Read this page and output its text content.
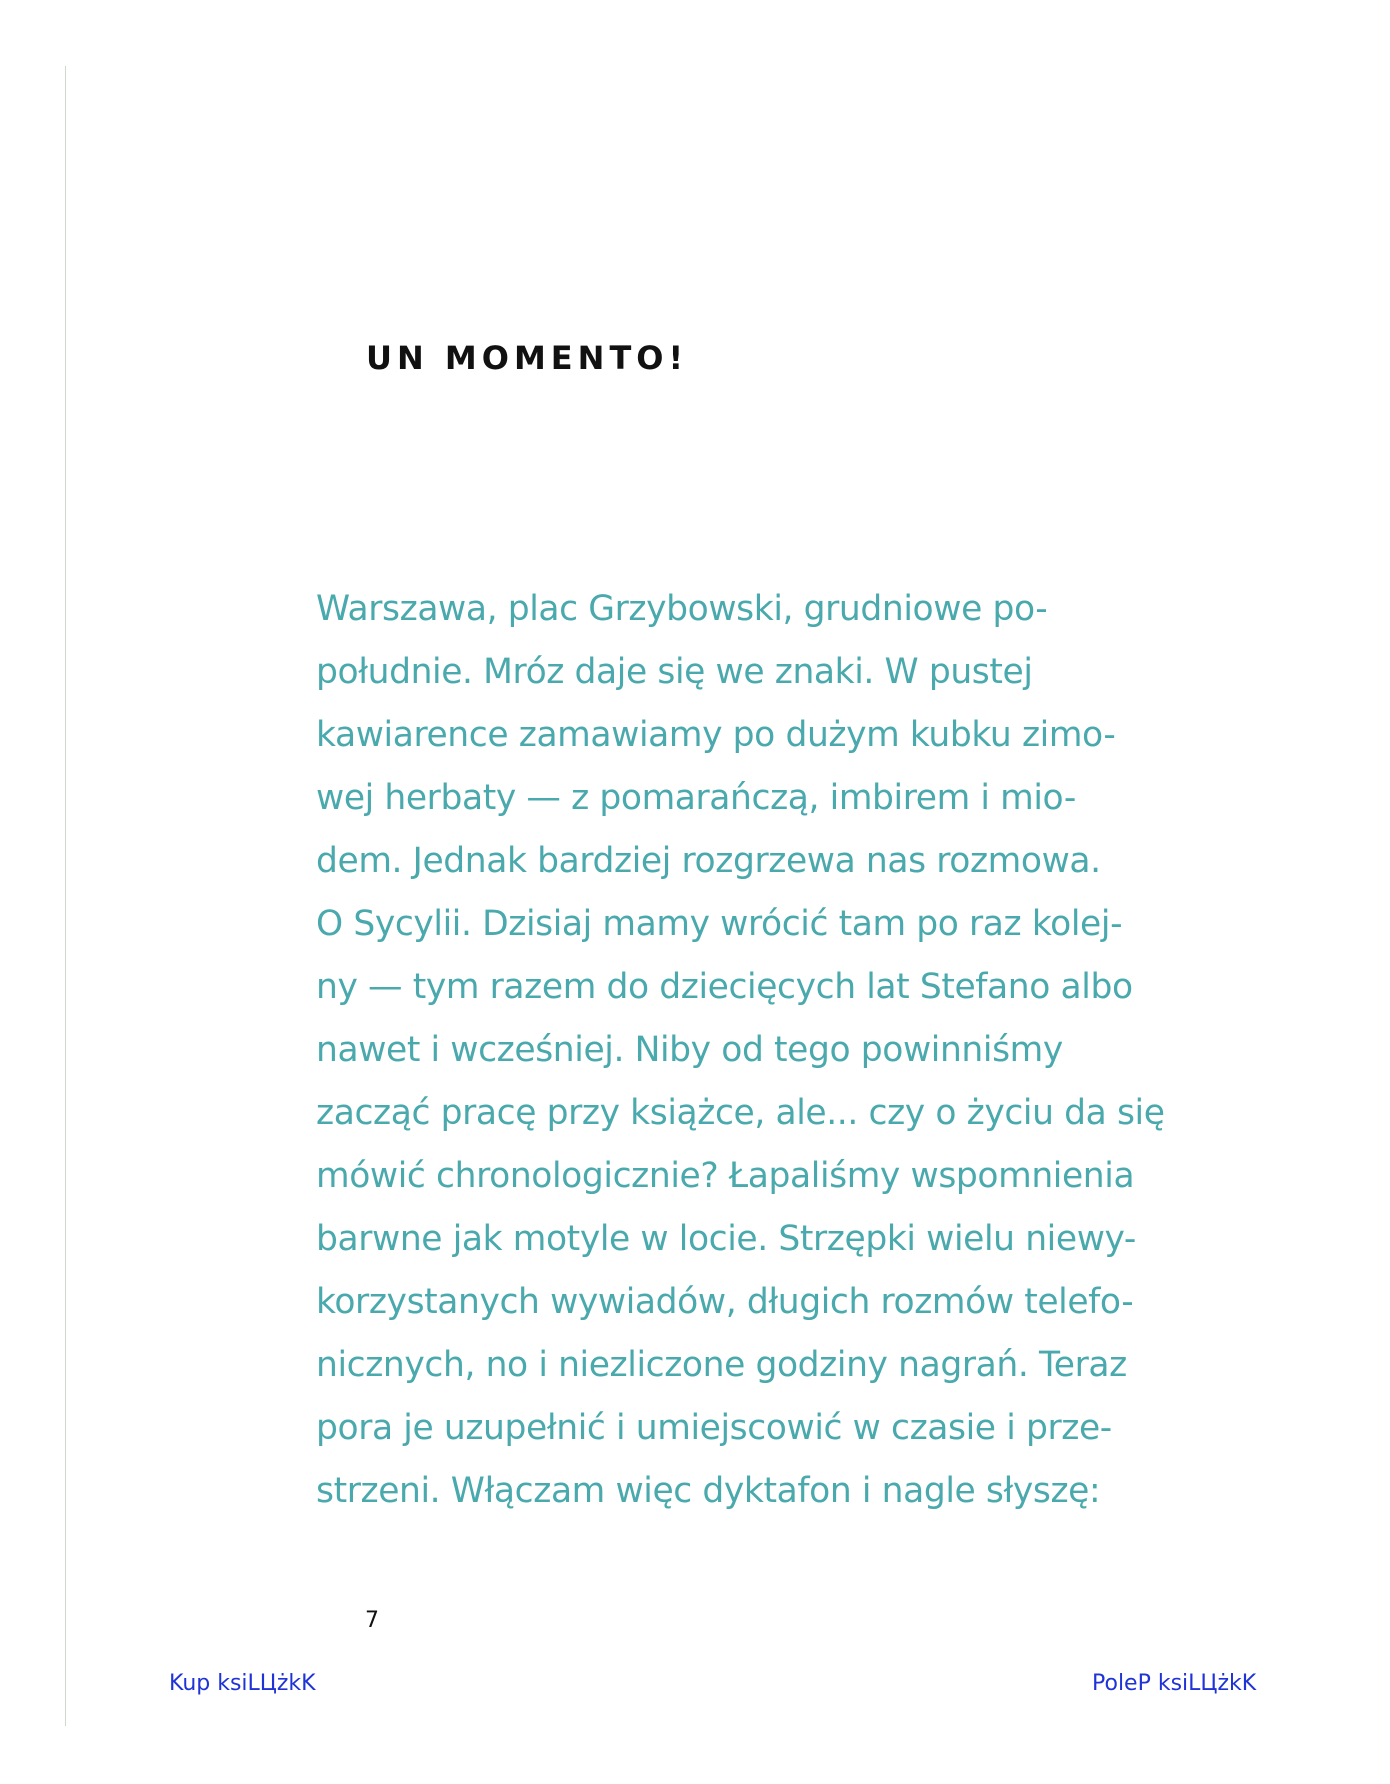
UN MOMENTO!
Warszawa, plac Grzybowski, grudniowe po-
południe. Mróz daje się we znaki. W pustej
kawiarence zamawiamy po dużym kubku zimo-
wej herbaty — z pomarańczą, imbirem i mio-
dem. Jednak bardziej rozgrzewa nas rozmowa.
O Sycylii. Dzisiaj mamy wrócić tam po raz kolej-
ny — tym razem do dziecięcych lat Stefano albo
nawet i wcześniej. Niby od tego powinniśmy
zacząć pracę przy książce, ale... czy o życiu da się
mówić chronologicznie? Łapaliśmy wspomnienia
barwne jak motyle w locie. Strzępki wielu niewy-
korzystanych wywiadów, długich rozmów telefo-
nicznych, no i niezliczone godziny nagrań. Teraz
pora je uzupełnić i umiejscowić w czasie i prze-
strzeni. Włączam więc dyktafon i nagle słyszę:
7
Kup ksiLЦżkK	PoleP ksiLЦżkK
